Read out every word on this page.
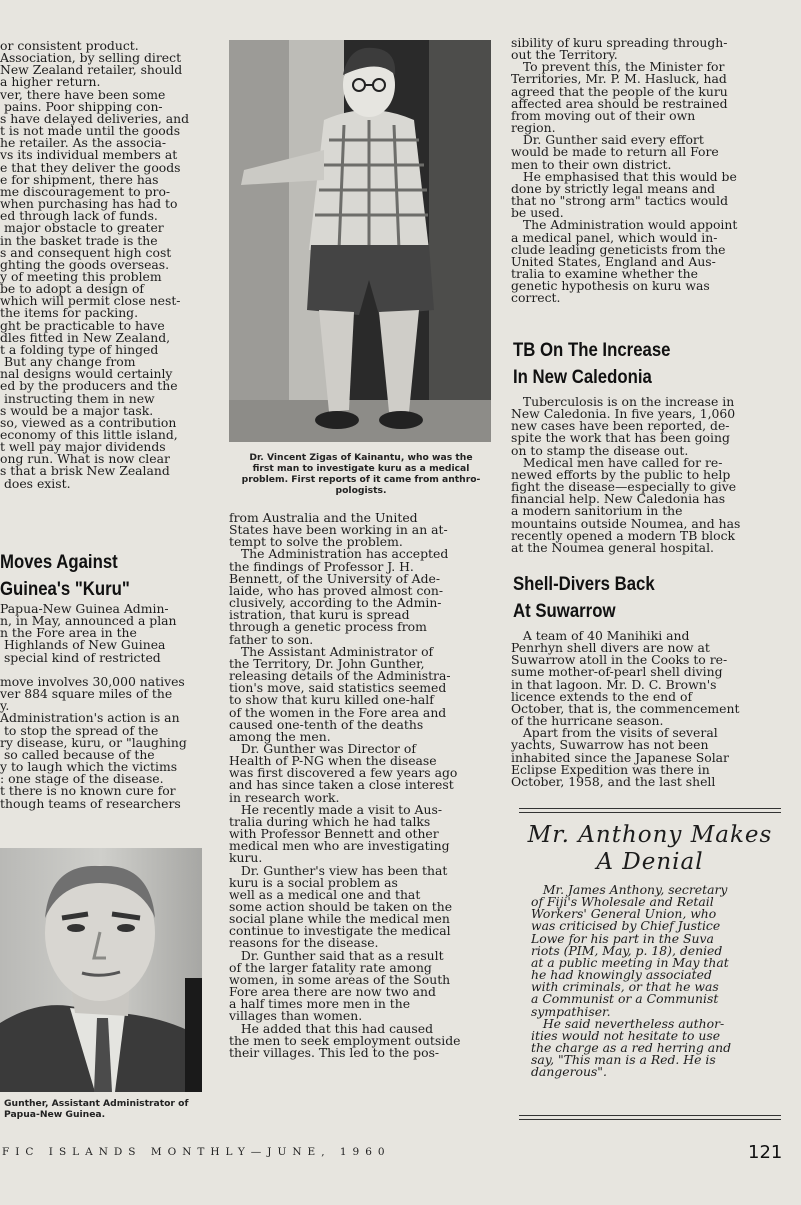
or consistent product.
Association, by selling direct
New Zealand retailer, should
a higher return.
ver, there have been some
pains. Poor shipping con-
s have delayed deliveries, and
t is not made until the goods
he retailer. As the associa-
vs its individual members at
e that they deliver the goods
e for shipment, there has
me discouragement to pro-
when purchasing has had to
ed through lack of funds.
major obstacle to greater
in the basket trade is the
s and consequent high cost
ghting the goods overseas.
y of meeting this problem
be to adopt a design of
which will permit close nest-
the items for packing.
ght be practicable to have
dles fitted in New Zealand,
t a folding type of hinged
But any change from
nal designs would certainly
ed by the producers and the
instructing them in new
s would be a major task.
so, viewed as a contribution
economy of this little island,
t well pay major dividends
ong run. What is now clear
s that a brisk New Zealand
does exist.

Moves Against

Guinea's "Kuru"

Papua-New Guinea Admin-
n, in May, announced a plan
n the Fore area in the
Highlands of New Guinea
special kind of restricted

move involves 30,000 natives
ver 884 square miles of the
y.
Administration's action is an
to stop the spread of the
ry disease, kuru, or "laughing
so called because of the
y to laugh which the victims
: one stage of the disease.
t there is no known cure for
though teams of researchers

Gunther, Assistant Administrator of
Papua-New Guinea.

Dr. Vincent Zigas of Kainantu, who was the
first man to investigate kuru as a medical
problem. First reports of it came from anthro-
pologists.

from Australia and the United
States have been working in an at-
tempt to solve the problem.
The Administration has accepted
the findings of Professor J. H.
Bennett, of the University of Ade-
laide, who has proved almost con-
clusively, according to the Admin-
istration, that kuru is spread
through a genetic process from
father to son.
The Assistant Administrator of
the Territory, Dr. John Gunther,
releasing details of the Administra-
tion's move, said statistics seemed
to show that kuru killed one-half
of the women in the Fore area and
caused one-tenth of the deaths
among the men.
Dr. Gunther was Director of
Health of P-NG when the disease
was first discovered a few years ago
and has since taken a close interest
in research work.
He recently made a visit to Aus-
tralia during which he had talks
with Professor Bennett and other
medical men who are investigating
kuru.
Dr. Gunther's view has been that
kuru is a social problem as
well as a medical one and that
some action should be taken on the
social plane while the medical men
continue to investigate the medical
reasons for the disease.
Dr. Gunther said that as a result
of the larger fatality rate among
women, in some areas of the South
Fore area there are now two and
a half times more men in the
villages than women.
He added that this had caused
the men to seek employment outside
their villages. This led to the pos-

sibility of kuru spreading through-
out the Territory.
To prevent this, the Minister for
Territories, Mr. P. M. Hasluck, had
agreed that the people of the kuru
affected area should be restrained
from moving out of their own
region.
Dr. Gunther said every effort
would be made to return all Fore
men to their own district.
He emphasised that this would be
done by strictly legal means and
that no "strong arm" tactics would
be used.
The Administration would appoint
a medical panel, which would in-
clude leading geneticists from the
United States, England and Aus-
tralia to examine whether the
genetic hypothesis on kuru was
correct.

TB On The Increase

In New Caledonia

Tuberculosis is on the increase in
New Caledonia. In five years, 1,060
new cases have been reported, de-
spite the work that has been going
on to stamp the disease out.
Medical men have called for re-
newed efforts by the public to help
fight the disease—especially to give
financial help. New Caledonia has
a modern sanitorium in the
mountains outside Noumea, and has
recently opened a modern TB block
at the Noumea general hospital.

Shell-Divers Back

At Suwarrow

A team of 40 Manihiki and
Penrhyn shell divers are now at
Suwarrow atoll in the Cooks to re-
sume mother-of-pearl shell diving
in that lagoon. Mr. D. C. Brown's
licence extends to the end of
October, that is, the commencement
of the hurricane season.
Apart from the visits of several
yachts, Suwarrow has not been
inhabited since the Japanese Solar
Eclipse Expedition was there in
October, 1958, and the last shell

Mr. Anthony Makes

A Denial

Mr. James Anthony, secretary
of Fiji's Wholesale and Retail
Workers' General Union, who
was criticised by Chief Justice
Lowe for his part in the Suva
riots (PIM, May, p. 18), denied
at a public meeting in May that
he had knowingly associated
with criminals, or that he was
a Communist or a Communist
sympathiser.
He said nevertheless author-
ities would not hesitate to use
the charge as a red herring and
say, "This man is a Red. He is
dangerous".

FIC ISLANDS MONTHLY—JUNE, 1960	121
